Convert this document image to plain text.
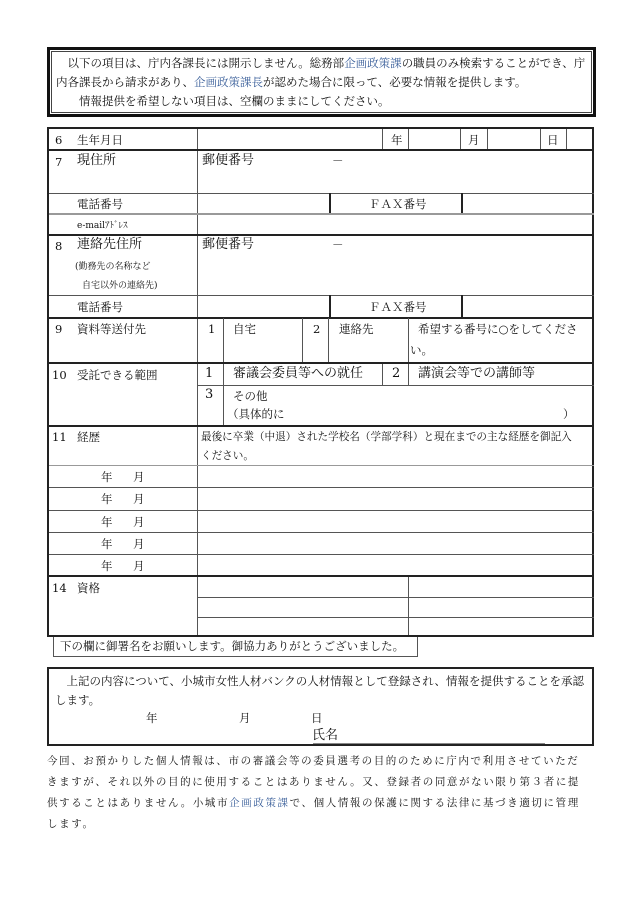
以下の項目は、庁内各課長には開示しません。総務部企画政策課の職員のみ検索することができ、庁

内各課長から請求があり、企画政策課長が認めた場合に限って、必要な情報を提供します。

情報提供を希望しない項目は、空欄のままにしてください。

6 生年月日	年	月	日
7 現住所	郵便番号	－
電話番号	ＦＡＸ番号
e-mailｱﾄﾞﾚｽ
8 連絡先住所
(勤務先の名称など
自宅以外の連絡先)
郵便番号	－
電話番号	ＦＡＸ番号
9 資料等送付先	1 自宅	2 連絡先	希望する番号に○をしてくださ
い。
10 受託できる範囲	1 審議会委員等への就任 2 講演会等での講師等
3 その他
（具体的に	）
11 経歴	最後に卒業（中退）された学校名（学部学科）と現在までの主な経歴を御記入
ください。
年 月
年 月
年 月
年 月
年 月
14 資格
下の欄に御署名をお願いします。御協力ありがとうございました。

上記の内容について、小城市女性人材バンクの人材情報として登録され、情報を提供することを承認

します。

年	月	日
氏名

今回、お預かりした個人情報は、市の審議会等の委員選考の目的のために庁内で利用させていただ

きますが、それ以外の目的に使用することはありません。又、登録者の同意がない限り第３者に提

供することはありません。小城市企画政策課で、個人情報の保護に関する法律に基づき適切に管理

します。
